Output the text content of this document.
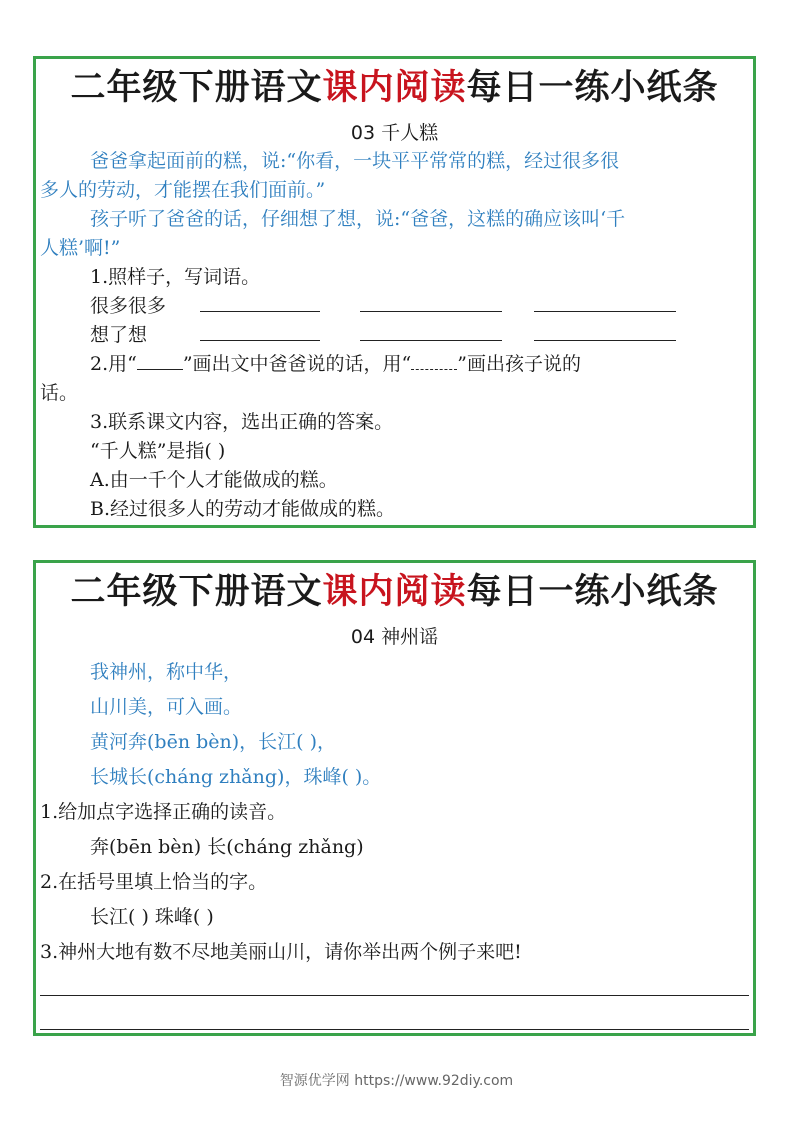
二年级下册语文课内阅读每日一练小纸条
03 千人糕
爸爸拿起面前的糕，说:“你看，一块平平常常的糕，经过很多很
多人的劳动，才能摆在我们面前。”
孩子听了爸爸的话，仔细想了想，说:“爸爸，这糕的确应该叫‘千
人糕’啊!”
1.照样子，写词语。
很多很多
想了想
2.用“ ”画出文中爸爸说的话，用“ ”画出孩子说的
话。
3.联系课文内容，选出正确的答案。
“千人糕”是指( )
A.由一千个人才能做成的糕。
B.经过很多人的劳动才能做成的糕。
二年级下册语文课内阅读每日一练小纸条
04 神州谣
我神州，称中华，
山川美，可入画。
黄河奔(bēn bèn)，长江( )，
长城长(cháng zhǎng)，珠峰( )。
1.给加点字选择正确的读音。
奔(bēn bèn) 长(cháng zhǎng)
2.在括号里填上恰当的字。
长江( ) 珠峰( )
3.神州大地有数不尽地美丽山川，请你举出两个例子来吧!
智源优学网 https://www.92diy.com
